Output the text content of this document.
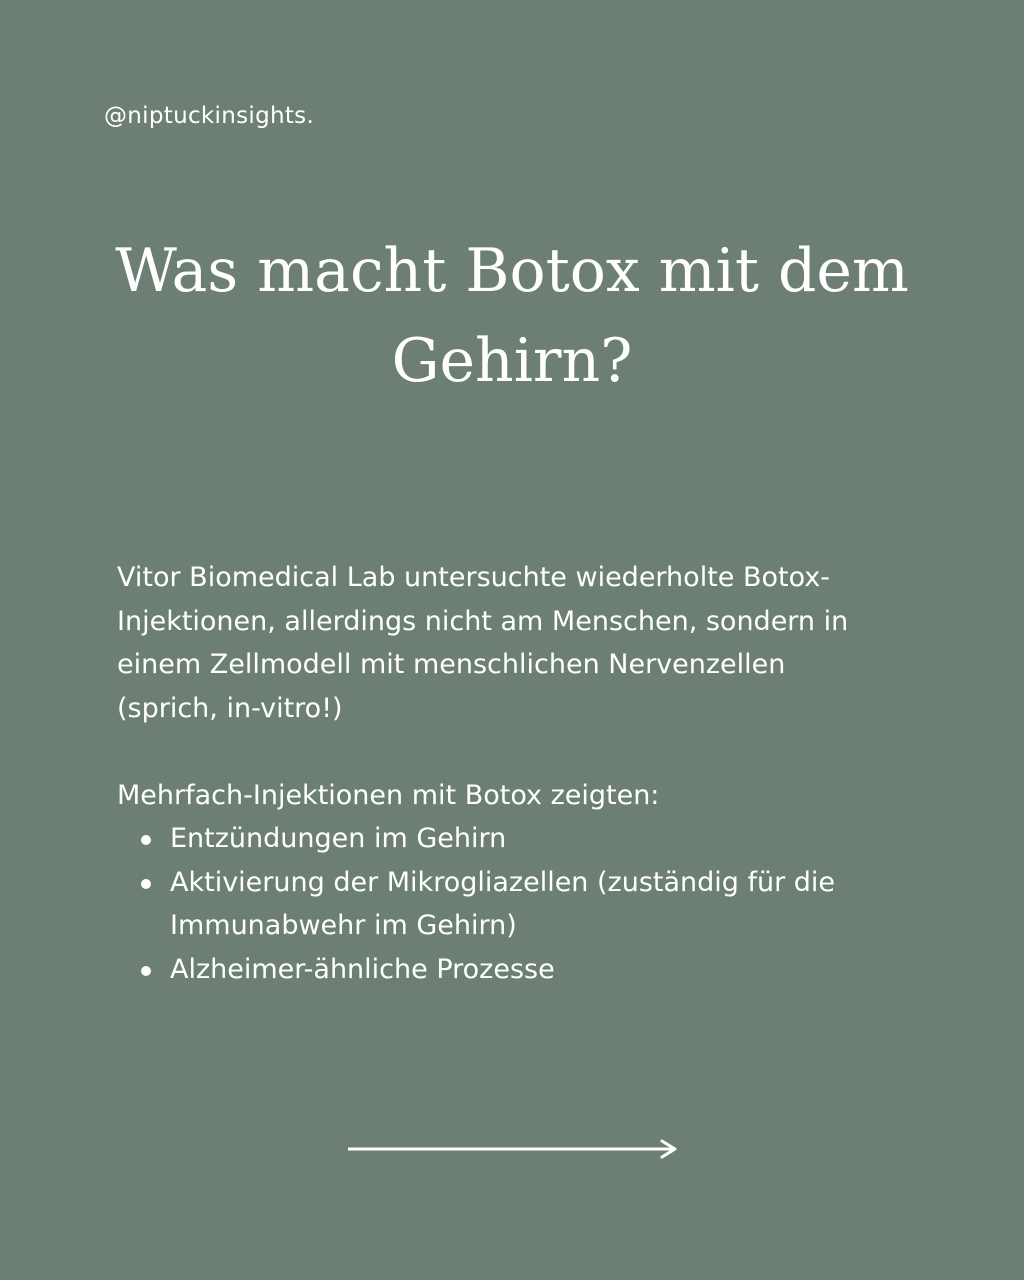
@niptuckinsights.
Was macht Botox mit dem
Gehirn?
Vitor Biomedical Lab untersuchte wiederholte Botox-
Injektionen, allerdings nicht am Menschen, sondern in
einem Zellmodell mit menschlichen Nervenzellen
(sprich, in-vitro!)
Mehrfach-Injektionen mit Botox zeigten:
Entzündungen im Gehirn
Aktivierung der Mikrogliazellen (zuständig für die
Immunabwehr im Gehirn)
Alzheimer-ähnliche Prozesse
